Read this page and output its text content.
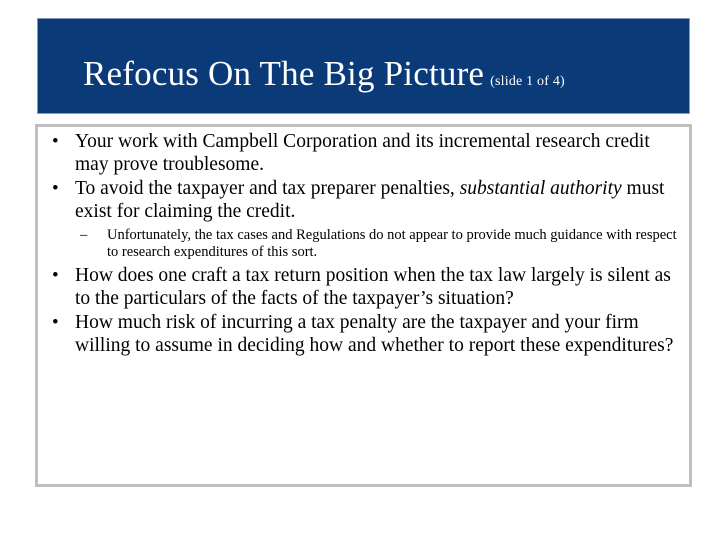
Refocus On The Big Picture (slide 1 of 4)
• Your work with Campbell Corporation and its incremental research credit may prove troublesome.
• To avoid the taxpayer and tax preparer penalties, substantial authority must exist for claiming the credit.
– Unfortunately, the tax cases and Regulations do not appear to provide much guidance with respect to research expenditures of this sort.
• How does one craft a tax return position when the tax law largely is silent as to the particulars of the facts of the taxpayer’s situation?
• How much risk of incurring a tax penalty are the taxpayer and your firm willing to assume in deciding how and whether to report these expenditures?
